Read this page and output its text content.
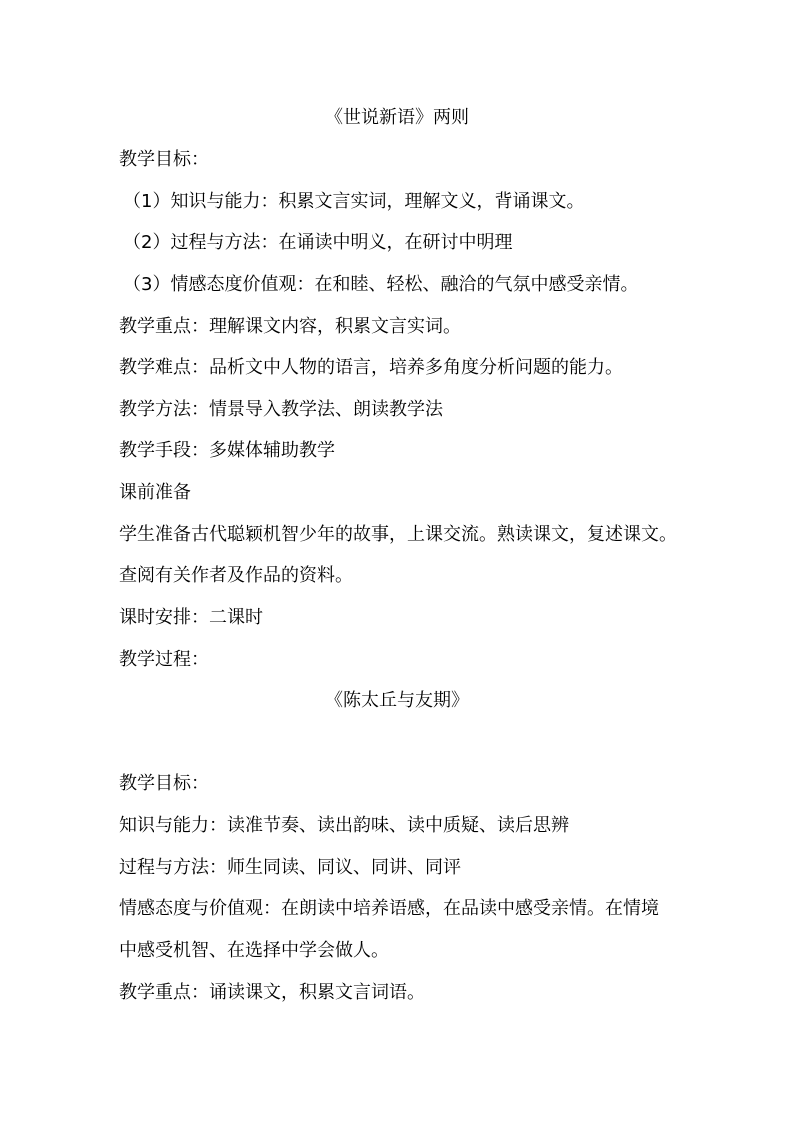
《世说新语》两则
教学目标：
（1）知识与能力：积累文言实词，理解文义，背诵课文。
（2）过程与方法：在诵读中明义，在研讨中明理
（3）情感态度价值观：在和睦、轻松、融洽的气氛中感受亲情。
教学重点：理解课文内容，积累文言实词。
教学难点：品析文中人物的语言，培养多角度分析问题的能力。
教学方法：情景导入教学法、朗读教学法
教学手段：多媒体辅助教学
课前准备
学生准备古代聪颖机智少年的故事，上课交流。熟读课文，复述课文。
查阅有关作者及作品的资料。
课时安排：二课时
教学过程：
《陈太丘与友期》
教学目标：
知识与能力：读准节奏、读出韵味、读中质疑、读后思辨
过程与方法：师生同读、同议、同讲、同评
情感态度与价值观：在朗读中培养语感，在品读中感受亲情。在情境
中感受机智、在选择中学会做人。
教学重点：诵读课文，积累文言词语。
